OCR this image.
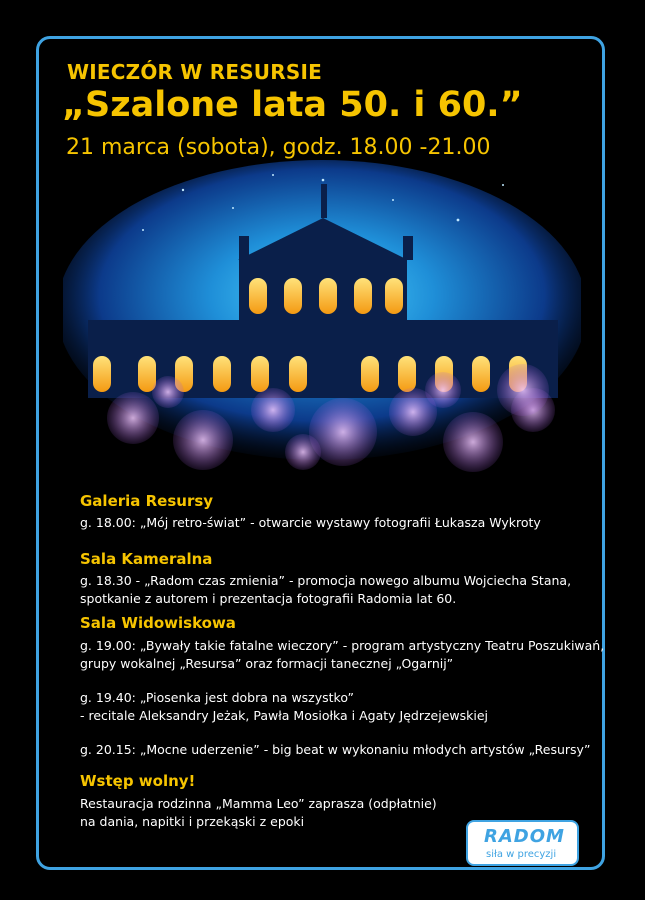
WIECZÓR W RESURSIE
„Szalone lata 50. i 60.”
21 marca (sobota), godz. 18.00 -21.00
Galeria Resursy
g. 18.00: „Mój retro-świat” - otwarcie wystawy fotografii Łukasza Wykroty
Sala Kameralna
g. 18.30 - „Radom czas zmienia” - promocja nowego albumu Wojciecha Stana,
spotkanie z autorem i prezentacja fotografii Radomia lat 60.
Sala Widowiskowa
g. 19.00: „Bywały takie fatalne wieczory” - program artystyczny Teatru Poszukiwań,
grupy wokalnej „Resursa” oraz formacji tanecznej „Ogarnij”
g. 19.40: „Piosenka jest dobra na wszystko”
- recitale Aleksandry Jeżak, Pawła Mosiołka i Agaty Jędrzejewskiej
g. 20.15: „Mocne uderzenie” - big beat w wykonaniu młodych artystów „Resursy”
Wstęp wolny!
Restauracja rodzinna „Mamma Leo” zaprasza (odpłatnie)
na dania, napitki i przekąski z epoki
RADOM
siła w precyzji
